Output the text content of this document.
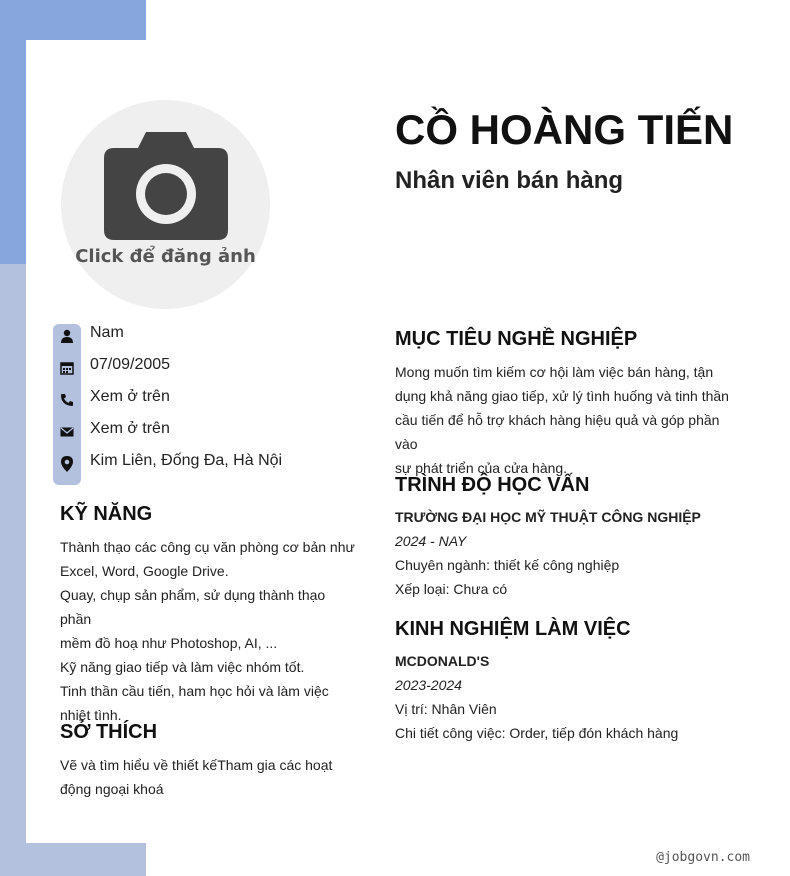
Click để đăng ảnh
CỒ HOÀNG TIẾN
Nhân viên bán hàng
Nam
07/09/2005
Xem ở trên
Xem ở trên
Kim Liên, Đống Đa, Hà Nội
KỸ NĂNG
Thành thạo các công cụ văn phòng cơ bản như
Excel, Word, Google Drive.
Quay, chụp sản phẩm, sử dụng thành thạo phần
mềm đồ hoạ như Photoshop, AI, ...
Kỹ năng giao tiếp và làm việc nhóm tốt.
Tinh thần cầu tiến, ham học hỏi và làm việc
nhiệt tình.
SỞ THÍCH
Vẽ và tìm hiểu về thiết kếTham gia các hoạt
động ngoại khoá
MỤC TIÊU NGHỀ NGHIỆP
Mong muốn tìm kiếm cơ hội làm việc bán hàng, tận
dụng khả năng giao tiếp, xử lý tình huống và tinh thần
cầu tiến để hỗ trợ khách hàng hiệu quả và góp phần vào
sự phát triển của cửa hàng.
TRÌNH ĐỘ HỌC VẤN
TRƯỜNG ĐẠI HỌC MỸ THUẬT CÔNG NGHIỆP
2024 - NAY
Chuyên ngành: thiết kế công nghiệp
Xếp loại: Chưa có
KINH NGHIỆM LÀM VIỆC
MCDONALD'S
2023-2024
Vị trí: Nhân Viên
Chi tiết công việc: Order, tiếp đón khách hàng
@jobgovn.com
